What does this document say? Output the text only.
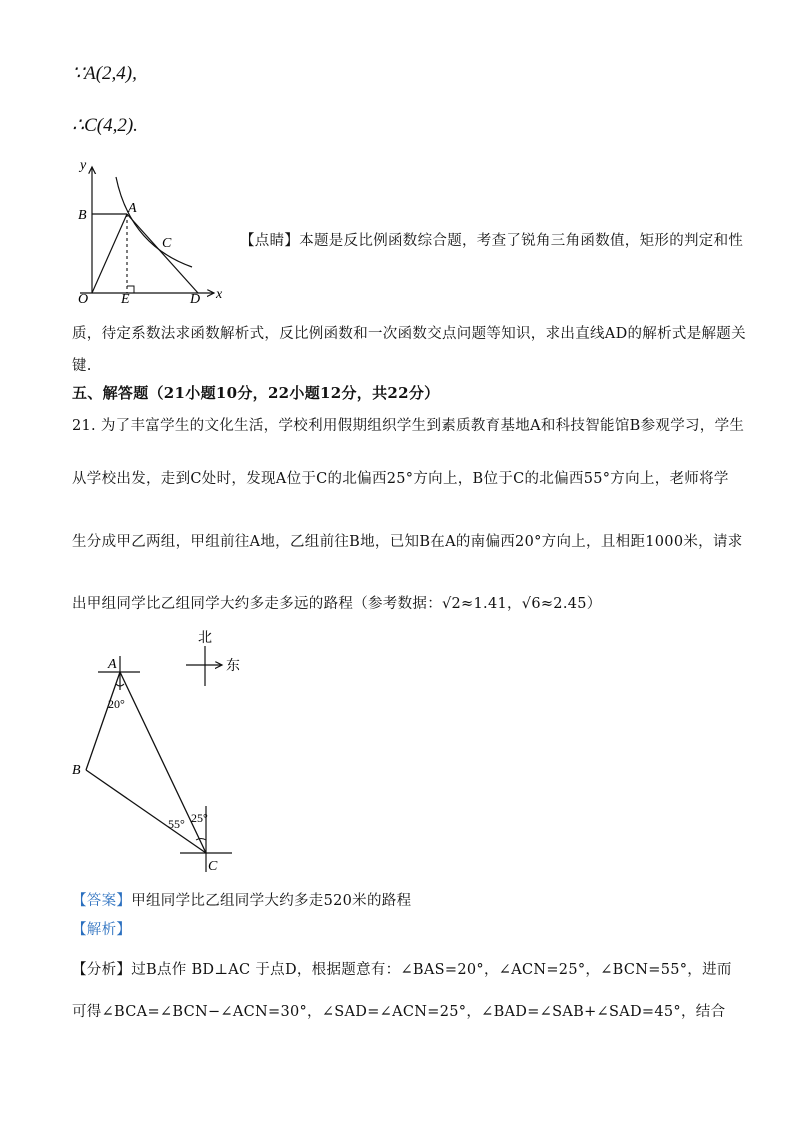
∵A(2,4),
∴C(4,2).
y
x
O
B	A
C
E	D
【点睛】本题是反比例函数综合题，考查了锐角三角函数值，矩形的判定和性
质，待定系数法求函数解析式，反比例函数和一次函数交点问题等知识，求出直线AD的解析式是解题关
键.
五、解答题（21小题10分，22小题12分，共22分）
21. 为了丰富学生的文化生活，学校利用假期组织学生到素质教育基地A和科技智能馆B参观学习，学生
从学校出发，走到C处时，发现A位于C的北偏西25°方向上，B位于C的北偏西55°方向上，老师将学
生分成甲乙两组，甲组前往A地，乙组前往B地，已知B在A的南偏西20°方向上，且相距1000米，请求
出甲组同学比乙组同学大约多走多远的路程（参考数据：√2≈1.41，√6≈2.45）
北
东
A
B
C
20°
55° 25°
【答案】甲组同学比乙组同学大约多走520米的路程
【解析】
【分析】过B点作 BD⊥AC 于点D，根据题意有：∠BAS=20°，∠ACN=25°，∠BCN=55°，进而
可得∠BCA=∠BCN−∠ACN=30°，∠SAD=∠ACN=25°，∠BAD=∠SAB+∠SAD=45°，结合
